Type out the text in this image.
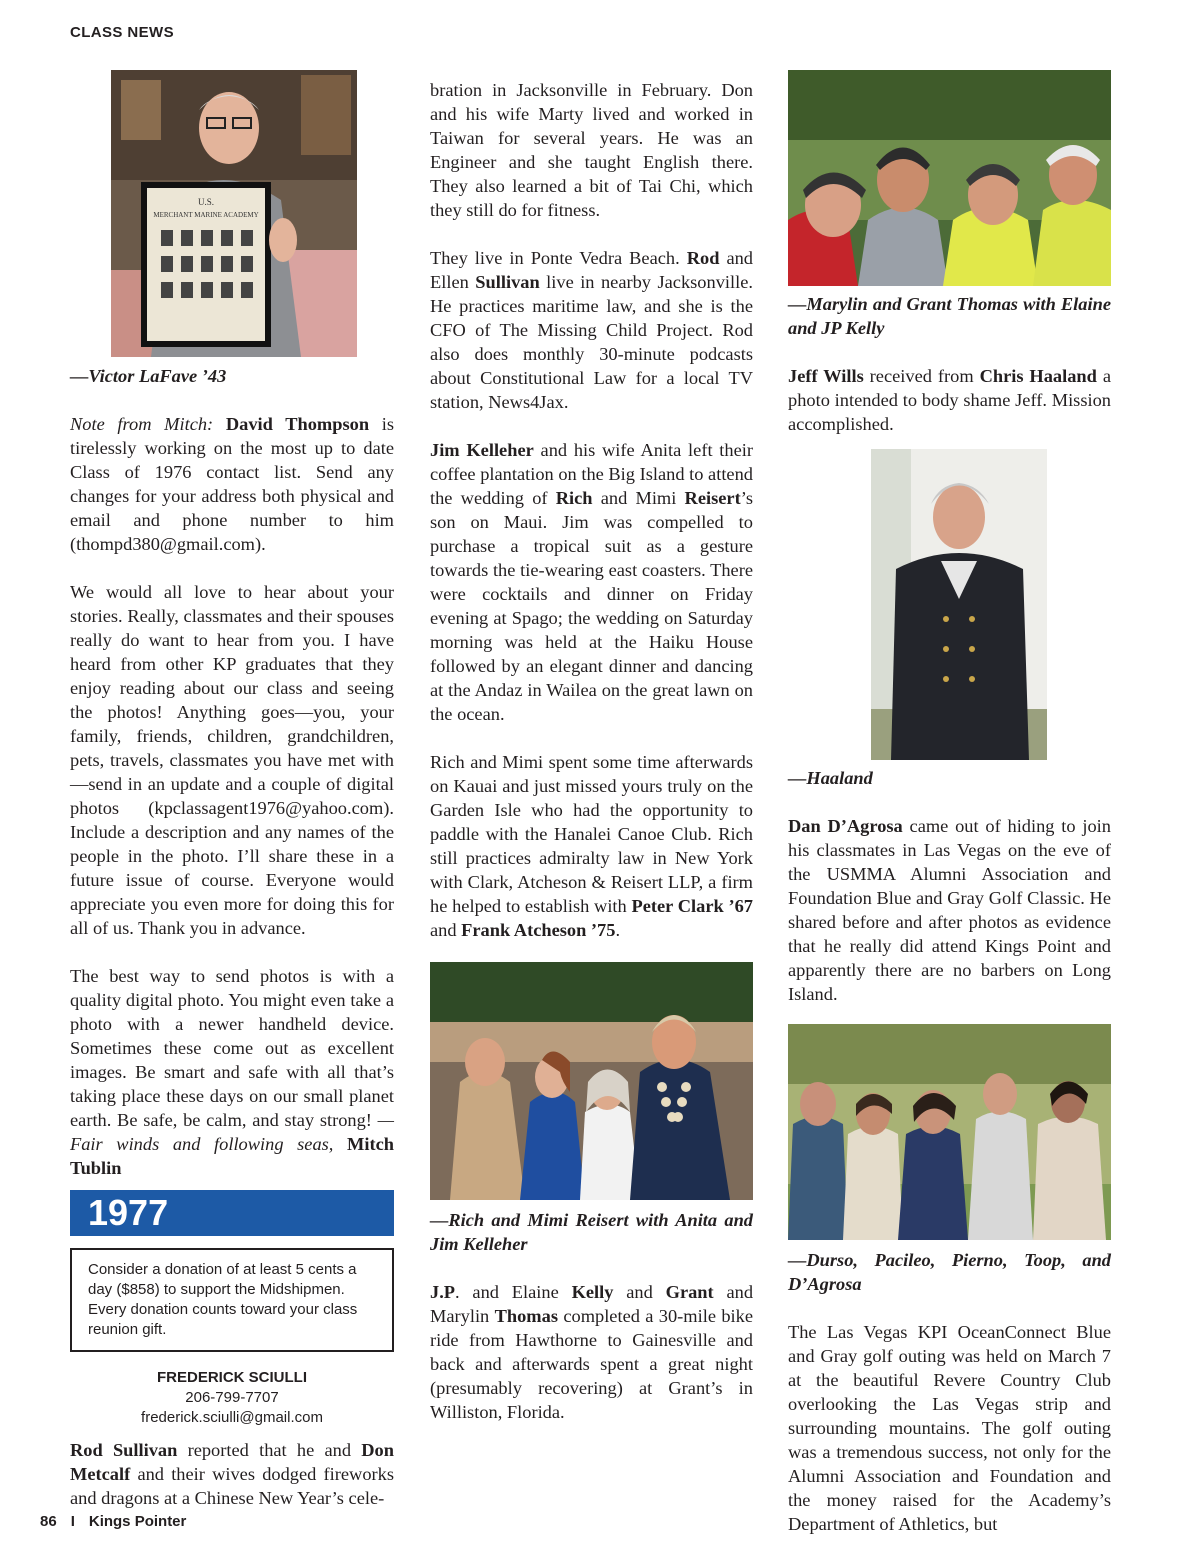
CLASS NEWS
U.S.
MERCHANT MARINE ACADEMY

—Victor LaFave ’43

Note from Mitch: David Thompson is tirelessly working on the most up to date Class of 1976 contact list. Send any changes for your address both physical and email and phone number to him (thompd380@gmail.com).

We would all love to hear about your stories. Really, classmates and their spouses really do want to hear from you. I have heard from other KP graduates that they enjoy reading about our class and seeing the photos! Anything goes—you, your family, friends, children, grandchildren, pets, travels, classmates you have met with—send in an update and a couple of digital photos (kpclassagent1976@yahoo.com). Include a description and any names of the people in the photo. I’ll share these in a future issue of course. Everyone would appreciate you even more for doing this for all of us. Thank you in advance.

The best way to send photos is with a quality digital photo. You might even take a photo with a newer handheld device. Sometimes these come out as excellent images. Be smart and safe with all that’s taking place these days on our small planet earth. Be safe, be calm, and stay strong! —Fair winds and following seas, Mitch Tublin

1977
Consider a donation of at least 5 cents a day ($858) to support the Midshipmen. Every donation counts toward your class reunion gift.
FREDERICK SCIULLI
206-799-7707
frederick.sciulli@gmail.com

Rod Sullivan reported that he and Don Metcalf and their wives dodged fireworks and dragons at a Chinese New Year’s cele-

bration in Jacksonville in February. Don and his wife Marty lived and worked in Taiwan for several years. He was an Engineer and she taught English there. They also learned a bit of Tai Chi, which they still do for fitness.

They live in Ponte Vedra Beach. Rod and Ellen Sullivan live in nearby Jacksonville. He practices maritime law, and she is the CFO of The Missing Child Project. Rod also does monthly 30-minute podcasts about Constitutional Law for a local TV station, News4Jax.

Jim Kelleher and his wife Anita left their coffee plantation on the Big Island to attend the wedding of Rich and Mimi Reisert’s son on Maui. Jim was compelled to purchase a tropical suit as a gesture towards the tie-wearing east coasters. There were cocktails and dinner on Friday evening at Spago; the wedding on Saturday morning was held at the Haiku House followed by an elegant dinner and dancing at the Andaz in Wailea on the great lawn on the ocean.

Rich and Mimi spent some time afterwards on Kauai and just missed yours truly on the Garden Isle who had the opportunity to paddle with the Hanalei Canoe Club. Rich still practices admiralty law in New York with Clark, Atcheson & Reisert LLP, a firm he helped to establish with Peter Clark ’67 and Frank Atcheson ’75.

—Rich and Mimi Reisert with Anita and Jim Kelleher

J.P. and Elaine Kelly and Grant and Marylin Thomas completed a 30-mile bike ride from Hawthorne to Gainesville and back and afterwards spent a great night (presumably recovering) at Grant’s in Williston, Florida.

—Marylin and Grant Thomas with Elaine and JP Kelly

Jeff Wills received from Chris Haaland a photo intended to body shame Jeff. Mission accomplished.

—Haaland

Dan D’Agrosa came out of hiding to join his classmates in Las Vegas on the eve of the USMMA Alumni Association and Foundation Blue and Gray Golf Classic. He shared before and after photos as evidence that he really did attend Kings Point and apparently there are no barbers on Long Island.

—Durso, Pacileo, Pierno, Toop, and D’Agrosa

The Las Vegas KPI OceanConnect Blue and Gray golf outing was held on March 7 at the beautiful Revere Country Club overlooking the Las Vegas strip and surrounding mountains. The golf outing was a tremendous success, not only for the Alumni Association and Foundation and the money raised for the Academy’s Department of Athletics, but

86 I Kings Pointer
